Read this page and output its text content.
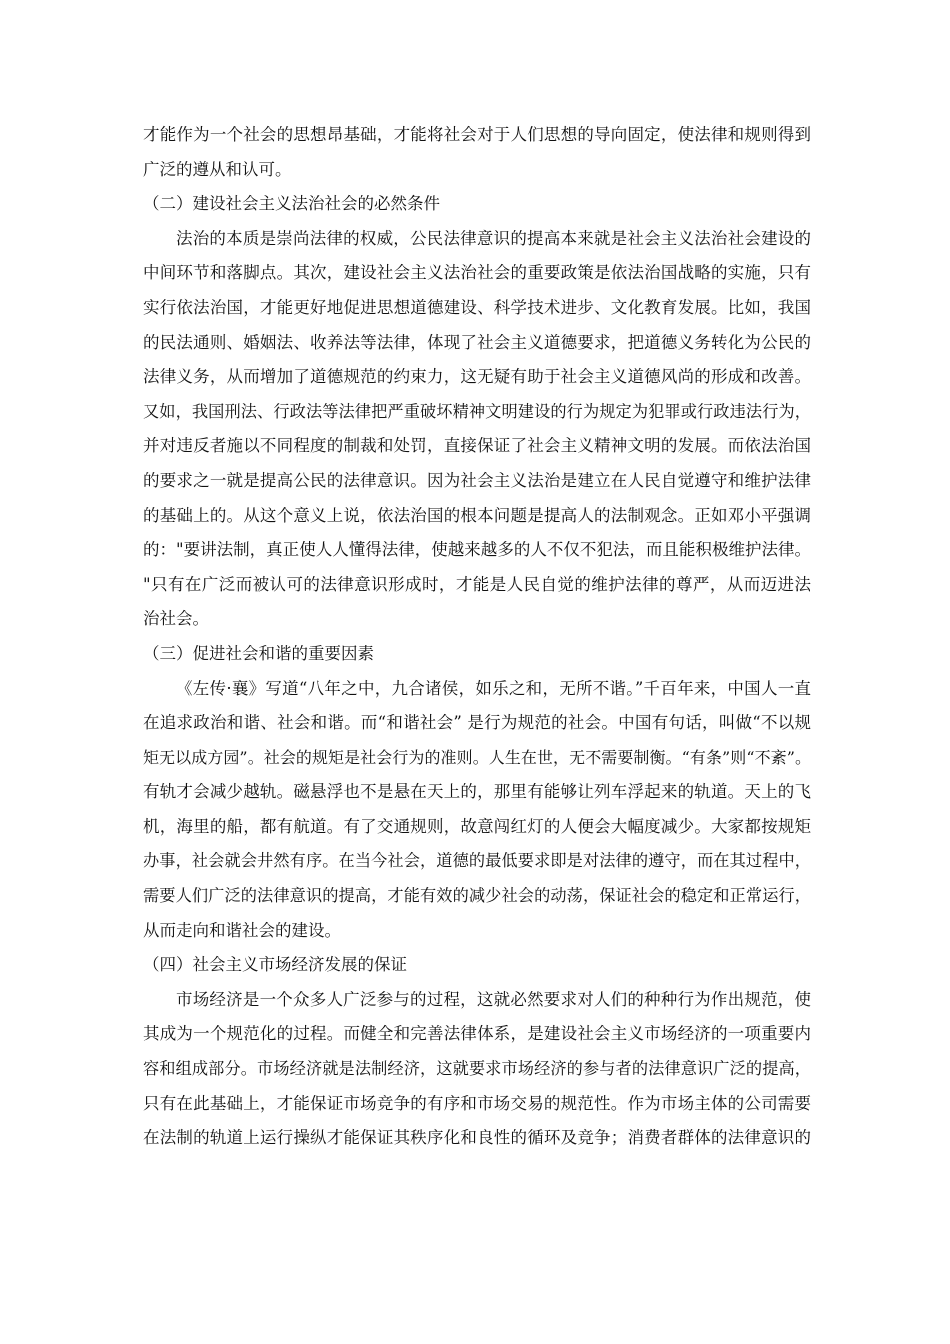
才能作为一个社会的思想昂基础，才能将社会对于人们思想的导向固定，使法律和规则得到
广泛的遵从和认可。
（二）建设社会主义法治社会的必然条件
法治的本质是崇尚法律的权威，公民法律意识的提高本来就是社会主义法治社会建设的
中间环节和落脚点。其次，建设社会主义法治社会的重要政策是依法治国战略的实施，只有
实行依法治国，才能更好地促进思想道德建设、科学技术进步、文化教育发展。比如，我国
的民法通则、婚姻法、收养法等法律，体现了社会主义道德要求，把道德义务转化为公民的
法律义务，从而增加了道德规范的约束力，这无疑有助于社会主义道德风尚的形成和改善。
又如，我国刑法、行政法等法律把严重破坏精神文明建设的行为规定为犯罪或行政违法行为，
并对违反者施以不同程度的制裁和处罚，直接保证了社会主义精神文明的发展。而依法治国
的要求之一就是提高公民的法律意识。因为社会主义法治是建立在人民自觉遵守和维护法律
的基础上的。从这个意义上说，依法治国的根本问题是提高人的法制观念。正如邓小平强调
的："要讲法制，真正使人人懂得法律，使越来越多的人不仅不犯法，而且能积极维护法律。
"只有在广泛而被认可的法律意识形成时，才能是人民自觉的维护法律的尊严，从而迈进法
治社会。
（三）促进社会和谐的重要因素
《左传·襄》写道“八年之中，九合诸侯，如乐之和，无所不谐。”千百年来，中国人一直
在追求政治和谐、社会和谐。而“和谐社会” 是行为规范的社会。中国有句话，叫做“不以规
矩无以成方园”。社会的规矩是社会行为的准则。人生在世，无不需要制衡。“有条”则“不紊”。
有轨才会减少越轨。磁悬浮也不是悬在天上的，那里有能够让列车浮起来的轨道。天上的飞
机，海里的船，都有航道。有了交通规则，故意闯红灯的人便会大幅度减少。大家都按规矩
办事，社会就会井然有序。在当今社会，道德的最低要求即是对法律的遵守，而在其过程中，
需要人们广泛的法律意识的提高，才能有效的减少社会的动荡，保证社会的稳定和正常运行，
从而走向和谐社会的建设。
（四）社会主义市场经济发展的保证
市场经济是一个众多人广泛参与的过程，这就必然要求对人们的种种行为作出规范，使
其成为一个规范化的过程。而健全和完善法律体系，是建设社会主义市场经济的一项重要内
容和组成部分。市场经济就是法制经济，这就要求市场经济的参与者的法律意识广泛的提高，
只有在此基础上，才能保证市场竞争的有序和市场交易的规范性。作为市场主体的公司需要
在法制的轨道上运行操纵才能保证其秩序化和良性的循环及竞争；消费者群体的法律意识的
